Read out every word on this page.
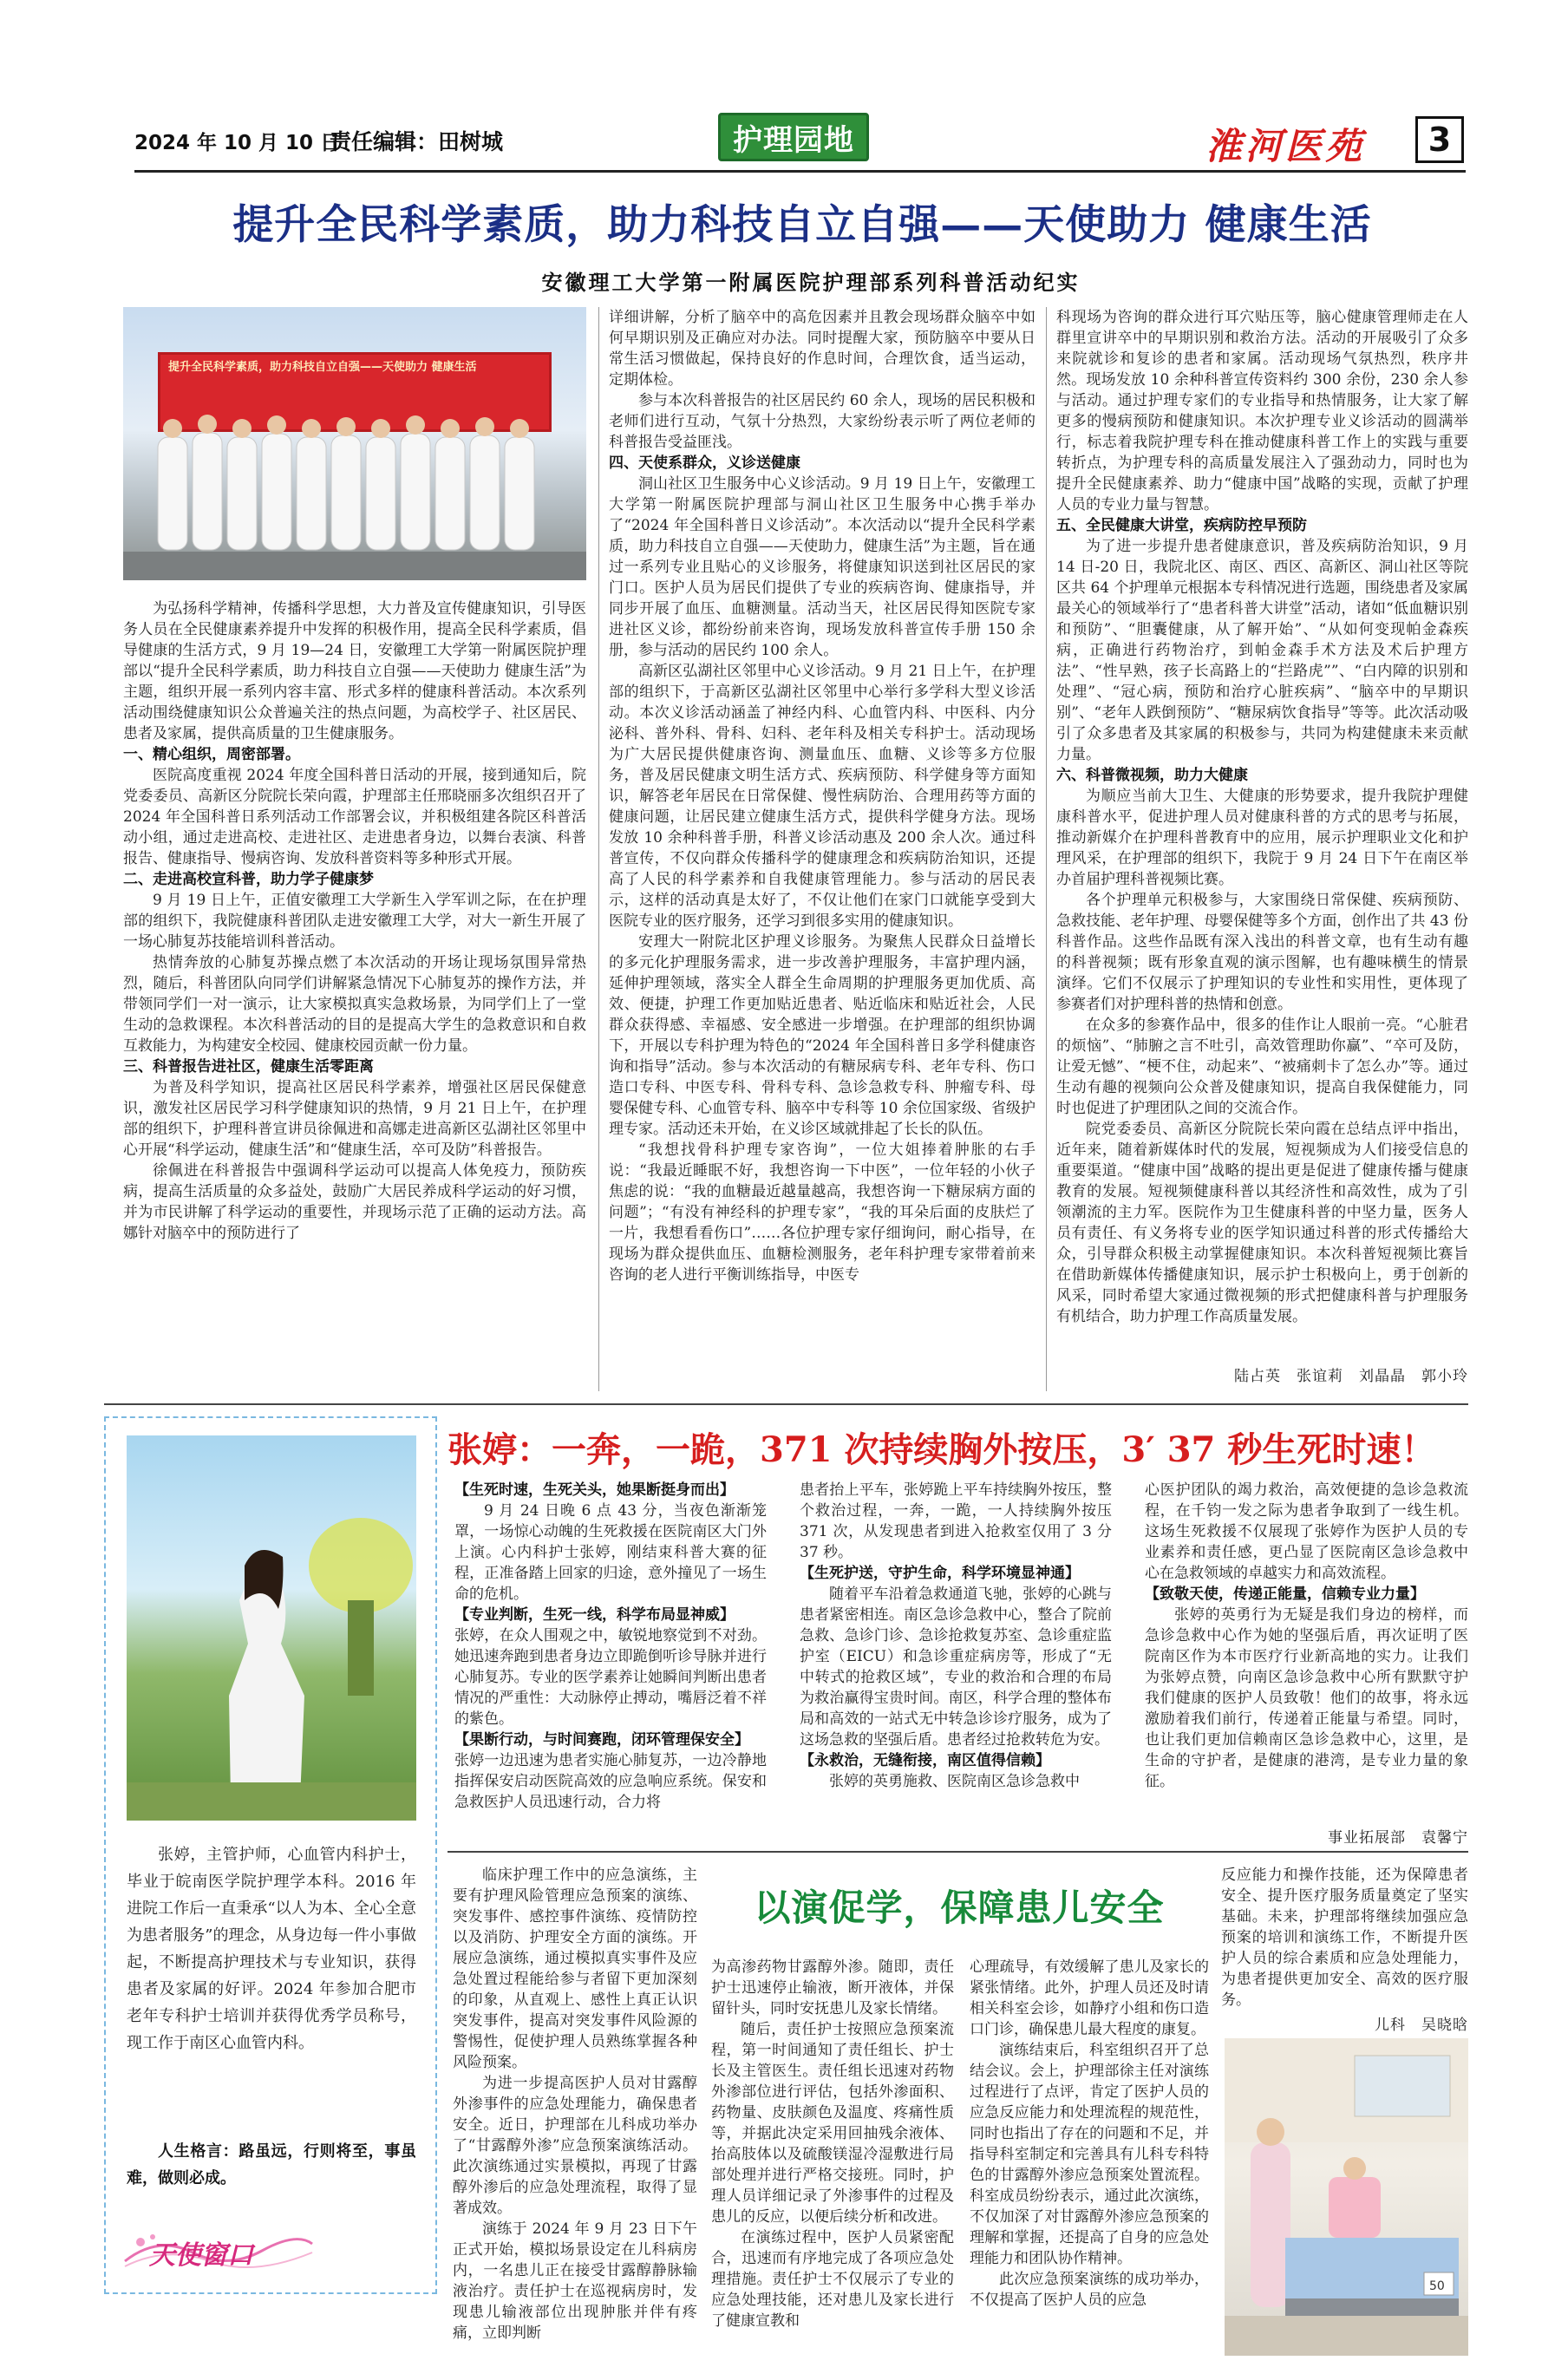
2024 年 10 月 10 日
责任编辑：田树城	护理园地	淮河医苑 3
提升全民科学素质，助力科技自立自强——天使助力 健康生活
安徽理工大学第一附属医院护理部系列科普活动纪实
提升全民科学素质，助力科技自立自强——天使助力 健康生活

为弘扬科学精神，传播科学思想，大力普及宣传健康知识，引导医务人员在全民健康素养提升中发挥的积极作用，提高全民科学素质，倡导健康的生活方式，9 月 19—24 日，安徽理工大学第一附属医院护理部以“提升全民科学素质，助力科技自立自强——天使助力 健康生活”为主题，组织开展一系列内容丰富、形式多样的健康科普活动。本次系列活动围绕健康知识公众普遍关注的热点问题，为高校学子、社区居民、患者及家属，提供高质量的卫生健康服务。

一、精心组织，周密部署。

医院高度重视 2024 年度全国科普日活动的开展，接到通知后，院党委委员、高新区分院院长荣向霞，护理部主任邢晓丽多次组织召开了 2024 年全国科普日系列活动工作部署会议，并积极组建各院区科普活动小组，通过走进高校、走进社区、走进患者身边，以舞台表演、科普报告、健康指导、慢病咨询、发放科普资料等多种形式开展。

二、走进高校宣科普，助力学子健康梦

9 月 19 日上午，正值安徽理工大学新生入学军训之际，在在护理部的组织下，我院健康科普团队走进安徽理工大学，对大一新生开展了一场心肺复苏技能培训科普活动。

热情奔放的心肺复苏操点燃了本次活动的开场让现场氛围异常热烈，随后，科普团队向同学们讲解紧急情况下心肺复苏的操作方法，并带领同学们一对一演示，让大家模拟真实急救场景，为同学们上了一堂生动的急救课程。本次科普活动的目的是提高大学生的急救意识和自救互救能力，为构建安全校园、健康校园贡献一份力量。

三、科普报告进社区，健康生活零距离

为普及科学知识，提高社区居民科学素养，增强社区居民保健意识，激发社区居民学习科学健康知识的热情，9 月 21 日上午，在护理部的组织下，护理科普宣讲员徐佩进和高娜走进高新区弘湖社区邻里中心开展“科学运动，健康生活”和“健康生活，卒可及防”科普报告。

徐佩进在科普报告中强调科学运动可以提高人体免疫力，预防疾病，提高生活质量的众多益处，鼓励广大居民养成科学运动的好习惯，并为市民讲解了科学运动的重要性，并现场示范了正确的运动方法。高娜针对脑卒中的预防进行了

详细讲解，分析了脑卒中的高危因素并且教会现场群众脑卒中如何早期识别及正确应对办法。同时提醒大家，预防脑卒中要从日常生活习惯做起，保持良好的作息时间，合理饮食，适当运动，定期体检。

参与本次科普报告的社区居民约 60 余人，现场的居民积极和老师们进行互动，气氛十分热烈，大家纷纷表示听了两位老师的科普报告受益匪浅。

四、天使系群众，义诊送健康

洞山社区卫生服务中心义诊活动。9 月 19 日上午，安徽理工大学第一附属医院护理部与洞山社区卫生服务中心携手举办了“2024 年全国科普日义诊活动”。本次活动以“提升全民科学素质，助力科技自立自强——天使助力，健康生活”为主题，旨在通过一系列专业且贴心的义诊服务，将健康知识送到社区居民的家门口。医护人员为居民们提供了专业的疾病咨询、健康指导，并同步开展了血压、血糖测量。活动当天，社区居民得知医院专家进社区义诊，都纷纷前来咨询，现场发放科普宣传手册 150 余册，参与活动的居民约 100 余人。

高新区弘湖社区邻里中心义诊活动。9 月 21 日上午，在护理部的组织下，于高新区弘湖社区邻里中心举行多学科大型义诊活动。本次义诊活动涵盖了神经内科、心血管内科、中医科、内分泌科、普外科、骨科、妇科、老年科及相关专科护士。活动现场为广大居民提供健康咨询、测量血压、血糖、义诊等多方位服务，普及居民健康文明生活方式、疾病预防、科学健身等方面知识，解答老年居民在日常保健、慢性病防治、合理用药等方面的健康问题，让居民建立健康生活方式，提供科学健身方法。现场发放 10 余种科普手册，科普义诊活动惠及 200 余人次。通过科普宣传，不仅向群众传播科学的健康理念和疾病防治知识，还提高了人民的科学素养和自我健康管理能力。参与活动的居民表示，这样的活动真是太好了，不仅让他们在家门口就能享受到大医院专业的医疗服务，还学习到很多实用的健康知识。

安理大一附院北区护理义诊服务。为聚焦人民群众日益增长的多元化护理服务需求，进一步改善护理服务，丰富护理内涵，延伸护理领域，落实全人群全生命周期的护理服务更加优质、高效、便捷，护理工作更加贴近患者、贴近临床和贴近社会，人民群众获得感、幸福感、安全感进一步增强。在护理部的组织协调下，开展以专科护理为特色的“2024 年全国科普日多学科健康咨询和指导”活动。参与本次活动的有糖尿病专科、老年专科、伤口造口专科、中医专科、骨科专科、急诊急救专科、肿瘤专科、母婴保健专科、心血管专科、脑卒中专科等 10 余位国家级、省级护理专家。活动还未开始，在义诊区域就排起了长长的队伍。

“我想找骨科护理专家咨询”，一位大姐捧着肿胀的右手说：“我最近睡眠不好，我想咨询一下中医”，一位年轻的小伙子焦虑的说：“我的血糖最近越量越高，我想咨询一下糖尿病方面的问题”；“有没有神经科的护理专家”，“我的耳朵后面的皮肤烂了一片，我想看看伤口”……各位护理专家仔细询问，耐心指导，在现场为群众提供血压、血糖检测服务，老年科护理专家带着前来咨询的老人进行平衡训练指导，中医专

科现场为咨询的群众进行耳穴贴压等，脑心健康管理师走在人群里宣讲卒中的早期识别和救治方法。活动的开展吸引了众多来院就诊和复诊的患者和家属。活动现场气氛热烈，秩序井然。现场发放 10 余种科普宣传资料约 300 余份，230 余人参与活动。通过护理专家们的专业指导和热情服务，让大家了解更多的慢病预防和健康知识。本次护理专业义诊活动的圆满举行，标志着我院护理专科在推动健康科普工作上的实践与重要转折点，为护理专科的高质量发展注入了强劲动力，同时也为提升全民健康素养、助力“健康中国”战略的实现，贡献了护理人员的专业力量与智慧。

五、全民健康大讲堂，疾病防控早预防

为了进一步提升患者健康意识，普及疾病防治知识，9 月 14 日-20 日，我院北区、南区、西区、高新区、洞山社区等院区共 64 个护理单元根据本专科情况进行选题，围绕患者及家属最关心的领域举行了“患者科普大讲堂”活动，诸如“低血糖识别和预防”、“胆囊健康，从了解开始”、“从如何变现帕金森疾病，正确进行药物治疗，到帕金森手术方法及术后护理方法”、“性早熟，孩子长高路上的“拦路虎””、“白内障的识别和处理”、“冠心病，预防和治疗心脏疾病”、“脑卒中的早期识别”、“老年人跌倒预防”、“糖尿病饮食指导”等等。此次活动吸引了众多患者及其家属的积极参与，共同为构建健康未来贡献力量。

六、科普微视频，助力大健康

为顺应当前大卫生、大健康的形势要求，提升我院护理健康科普水平，促进护理人员对健康科普的方式的思考与拓展，推动新媒介在护理科普教育中的应用，展示护理职业文化和护理风采，在护理部的组织下，我院于 9 月 24 日下午在南区举办首届护理科普视频比赛。

各个护理单元积极参与，大家围绕日常保健、疾病预防、急救技能、老年护理、母婴保健等多个方面，创作出了共 43 份科普作品。这些作品既有深入浅出的科普文章，也有生动有趣的科普视频；既有形象直观的演示图解，也有趣味横生的情景演绎。它们不仅展示了护理知识的专业性和实用性，更体现了参赛者们对护理科普的热情和创意。

在众多的参赛作品中，很多的佳作让人眼前一亮。“心脏君的烦恼”、“肺腑之言不吐引，高效管理助你赢”、“卒可及防，让爱无憾”、“梗不住，动起来”、“被痛刺卡了怎么办”等。通过生动有趣的视频向公众普及健康知识，提高自我保健能力，同时也促进了护理团队之间的交流合作。

院党委委员、高新区分院院长荣向霞在总结点评中指出，近年来，随着新媒体时代的发展，短视频成为人们接受信息的重要渠道。“健康中国”战略的提出更是促进了健康传播与健康教育的发展。短视频健康科普以其经济性和高效性，成为了引领潮流的主力军。医院作为卫生健康科普的中坚力量，医务人员有责任、有义务将专业的医学知识通过科普的形式传播给大众，引导群众积极主动掌握健康知识。本次科普短视频比赛旨在借助新媒体传播健康知识，展示护士积极向上，勇于创新的风采，同时希望大家通过微视频的形式把健康科普与护理服务有机结合，助力护理工作高质量发展。

陆占英　张谊莉　刘晶晶　郭小玲
张婷，主管护师，心血管内科护士，毕业于皖南医学院护理学本科。2016 年进院工作后一直秉承“以人为本、全心全意为患者服务”的理念，从身边每一件小事做起，不断提高护理技术与专业知识，获得患者及家属的好评。2024 年参加合肥市老年专科护士培训并获得优秀学员称号，现工作于南区心血管内科。
人生格言：路虽远，行则将至，事虽难，做则必成。
天使窗口
张婷：一奔，一跪，371 次持续胸外按压，3′ 37 秒生死时速！
【生死时速，生死关头，她果断挺身而出】

9 月 24 日晚 6 点 43 分，当夜色渐渐笼罩，一场惊心动魄的生死救援在医院南区大门外上演。心内科护士张婷，刚结束科普大赛的征程，正准备踏上回家的归途，意外撞见了一场生命的危机。

【专业判断，生死一线，科学布局显神威】

张婷，在众人围观之中，敏锐地察觉到不对劲。她迅速奔跑到患者身边立即跪倒听诊导脉并进行心肺复苏。专业的医学素养让她瞬间判断出患者情况的严重性：大动脉停止搏动，嘴唇泛着不祥的紫色。

【果断行动，与时间赛跑，闭环管理保安全】

张婷一边迅速为患者实施心肺复苏，一边冷静地指挥保安启动医院高效的应急响应系统。保安和急救医护人员迅速行动，合力将

患者抬上平车，张婷跪上平车持续胸外按压，整个救治过程，一奔，一跪，一人持续胸外按压 371 次，从发现患者到进入抢救室仅用了 3 分 37 秒。

【生死护送，守护生命，科学环境显神通】

随着平车沿着急救通道飞驰，张婷的心跳与患者紧密相连。南区急诊急救中心，整合了院前急救、急诊门诊、急诊抢救复苏室、急诊重症监护室（EICU）和急诊重症病房等，形成了“无中转式的抢救区域”，专业的救治和合理的布局为救治赢得宝贵时间。南区，科学合理的整体布局和高效的一站式无中转急诊诊疗服务，成为了这场急救的坚强后盾。患者经过抢救转危为安。

【永救治，无缝衔接，南区值得信赖】

张婷的英勇施救、医院南区急诊急救中

心医护团队的竭力救治，高效便捷的急诊急救流程，在千钧一发之际为患者争取到了一线生机。这场生死救援不仅展现了张婷作为医护人员的专业素养和责任感，更凸显了医院南区急诊急救中心在急救领域的卓越实力和高效流程。

【致敬天使，传递正能量，信赖专业力量】

张婷的英勇行为无疑是我们身边的榜样，而急诊急救中心作为她的坚强后盾，再次证明了医院南区作为本市医疗行业新高地的实力。让我们为张婷点赞，向南区急诊急救中心所有默默守护我们健康的医护人员致敬！他们的故事，将永远激励着我们前行，传递着正能量与希望。同时，也让我们更加信赖南区急诊急救中心，这里，是生命的守护者，是健康的港湾，是专业力量的象征。

事业拓展部　袁馨宁

临床护理工作中的应急演练，主要有护理风险管理应急预案的演练、突发事件、感控事件演练、疫情防控以及消防、护理安全方面的演练。开展应急演练，通过模拟真实事件及应急处置过程能给参与者留下更加深刻的印象，从直观上、感性上真正认识突发事件，提高对突发事件风险源的警惕性，促使护理人员熟练掌握各种风险预案。

为进一步提高医护人员对甘露醇外渗事件的应急处理能力，确保患者安全。近日，护理部在儿科成功举办了“甘露醇外渗”应急预案演练活动。此次演练通过实景模拟，再现了甘露醇外渗后的应急处理流程，取得了显著成效。

演练于 2024 年 9 月 23 日下午正式开始，模拟场景设定在儿科病房内，一名患儿正在接受甘露醇静脉输液治疗。责任护士在巡视病房时，发现患儿输液部位出现肿胀并伴有疼痛，立即判断

以演促学，保障患儿安全

为高渗药物甘露醇外渗。随即，责任护士迅速停止输液，断开液体，并保留针头，同时安抚患儿及家长情绪。

随后，责任护士按照应急预案流程，第一时间通知了责任组长、护士长及主管医生。责任组长迅速对药物外渗部位进行评估，包括外渗面积、药物量、皮肤颜色及温度、疼痛性质等，并据此决定采用回抽残余液体、抬高肢体以及硫酸镁湿冷湿敷进行局部处理并进行严格交接班。同时，护理人员详细记录了外渗事件的过程及患儿的反应，以便后续分析和改进。

在演练过程中，医护人员紧密配合，迅速而有序地完成了各项应急处理措施。责任护士不仅展示了专业的应急处理技能，还对患儿及家长进行了健康宣教和

心理疏导，有效缓解了患儿及家长的紧张情绪。此外，护理人员还及时请相关科室会诊，如静疗小组和伤口造口门诊，确保患儿最大程度的康复。

演练结束后，科室组织召开了总结会议。会上，护理部徐主任对演练过程进行了点评，肯定了医护人员的应急反应能力和处理流程的规范性，同时也指出了存在的问题和不足，并指导科室制定和完善具有儿科专科特色的甘露醇外渗应急预案处置流程。科室成员纷纷表示，通过此次演练，不仅加深了对甘露醇外渗应急预案的理解和掌握，还提高了自身的应急处理能力和团队协作精神。

此次应急预案演练的成功举办，不仅提高了医护人员的应急

反应能力和操作技能，还为保障患者安全、提升医疗服务质量奠定了坚实基础。未来，护理部将继续加强应急预案的培训和演练工作，不断提升医护人员的综合素质和应急处理能力，为患者提供更加安全、高效的医疗服务。

儿科　吴晓晗
50
